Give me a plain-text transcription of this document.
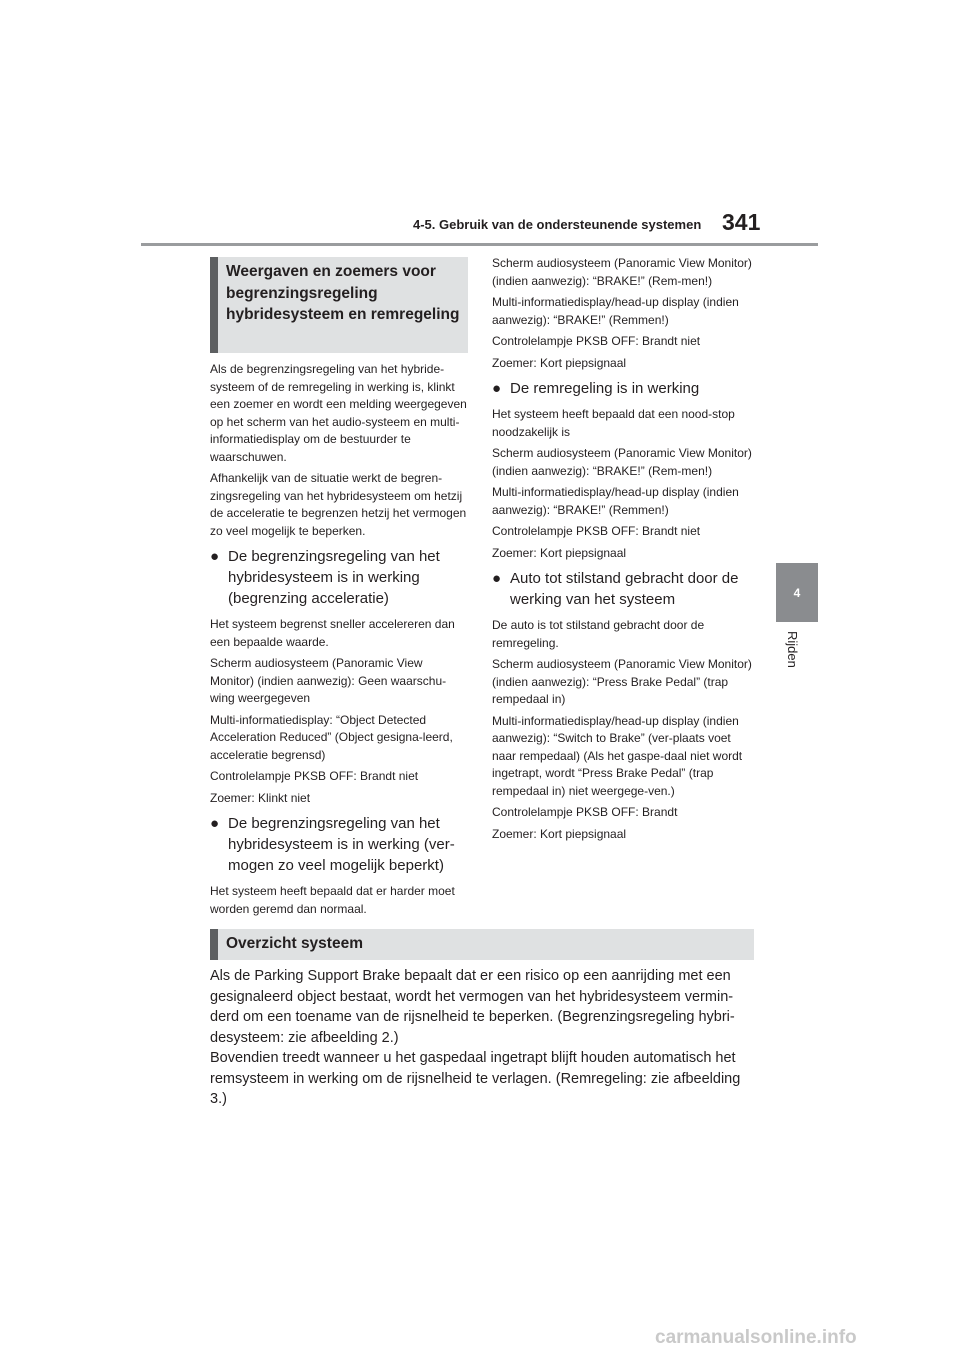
4-5. Gebruik van de ondersteunende systemen 341
4
Rijden
Weergaven en zoemers voor begrenzingsregeling hybridesysteem en remregeling

Als de begrenzingsregeling van het hybride-systeem of de remregeling in werking is, klinkt een zoemer en wordt een melding weergegeven op het scherm van het audio-systeem en multi-informatiedisplay om de bestuurder te waarschuwen.

Afhankelijk van de situatie werkt de begren-zingsregeling van het hybridesysteem om hetzij de acceleratie te begrenzen hetzij het vermogen zo veel mogelijk te beperken.

● De begrenzingsregeling van het hybridesysteem is in werking (begrenzing acceleratie)

Het systeem begrenst sneller accelereren dan een bepaalde waarde.

Scherm audiosysteem (Panoramic View Monitor) (indien aanwezig): Geen waarschu-wing weergegeven

Multi-informatiedisplay: “Object Detected Acceleration Reduced” (Object gesigna-leerd, acceleratie begrensd)

Controlelampje PKSB OFF: Brandt niet

Zoemer: Klinkt niet

● De begrenzingsregeling van het hybridesysteem is in werking (ver-mogen zo veel mogelijk beperkt)

Het systeem heeft bepaald dat er harder moet worden geremd dan normaal.

Scherm audiosysteem (Panoramic View Monitor) (indien aanwezig): “BRAKE!” (Rem-men!)

Multi-informatiedisplay/head-up display (indien aanwezig): “BRAKE!” (Remmen!)

Controlelampje PKSB OFF: Brandt niet

Zoemer: Kort piepsignaal

● De remregeling is in werking

Het systeem heeft bepaald dat een nood-stop noodzakelijk is

Scherm audiosysteem (Panoramic View Monitor) (indien aanwezig): “BRAKE!” (Rem-men!)

Multi-informatiedisplay/head-up display (indien aanwezig): “BRAKE!” (Remmen!)

Controlelampje PKSB OFF: Brandt niet

Zoemer: Kort piepsignaal

● Auto tot stilstand gebracht door de werking van het systeem

De auto is tot stilstand gebracht door de remregeling.

Scherm audiosysteem (Panoramic View Monitor) (indien aanwezig): “Press Brake Pedal” (trap rempedaal in)

Multi-informatiedisplay/head-up display (indien aanwezig): “Switch to Brake” (ver-plaats voet naar rempedaal) (Als het gaspe-daal niet wordt ingetrapt, wordt “Press Brake Pedal” (trap rempedaal in) niet weergege-ven.)

Controlelampje PKSB OFF: Brandt

Zoemer: Kort piepsignaal

Overzicht systeem

Als de Parking Support Brake bepaalt dat er een risico op een aanrijding met een gesignaleerd object bestaat, wordt het vermogen van het hybridesysteem vermin-derd om een toename van de rijsnelheid te beperken. (Begrenzingsregeling hybri-desysteem: zie afbeelding 2.)

Bovendien treedt wanneer u het gaspedaal ingetrapt blijft houden automatisch het remsysteem in werking om de rijsnelheid te verlagen. (Remregeling: zie afbeelding 3.)

carmanualsonline.info
